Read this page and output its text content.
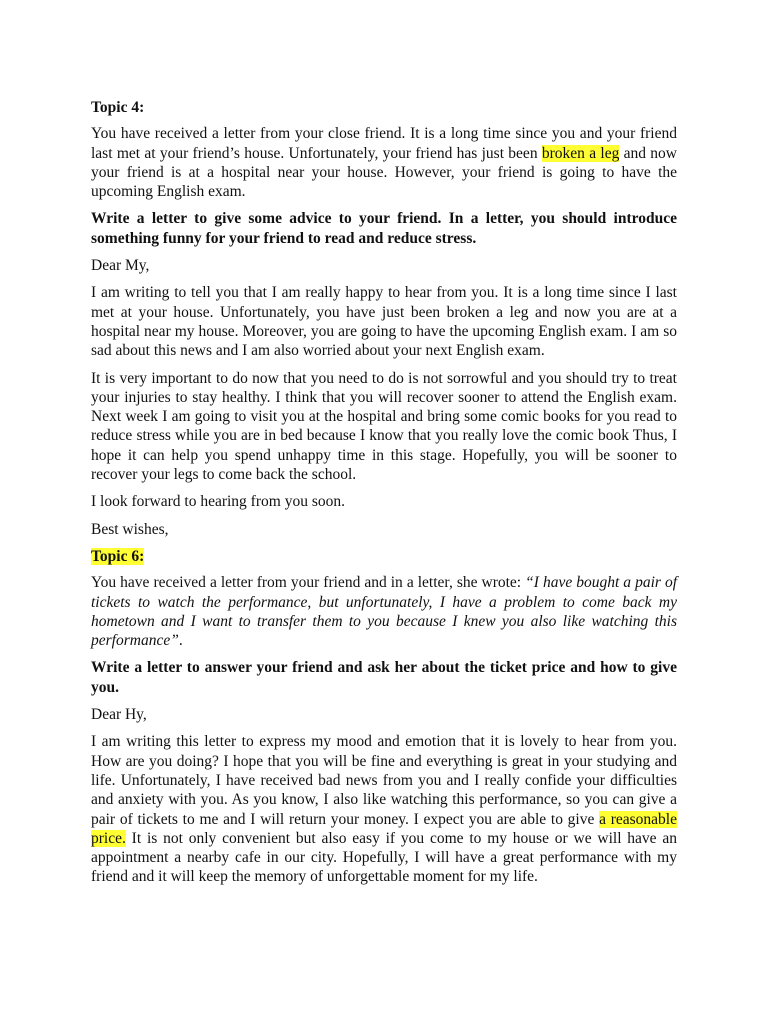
Topic 4:

You have received a letter from your close friend. It is a long time since you and your friend last met at your friend’s house. Unfortunately, your friend has just been broken a leg and now your friend is at a hospital near your house. However, your friend is going to have the upcoming English exam.

Write a letter to give some advice to your friend. In a letter, you should introduce something funny for your friend to read and reduce stress.

Dear My,

I am writing to tell you that I am really happy to hear from you. It is a long time since I last met at your house. Unfortunately, you have just been broken a leg and now you are at a hospital near my house. Moreover, you are going to have the upcoming English exam. I am so sad about this news and I am also worried about your next English exam.

It is very important to do now that you need to do is not sorrowful and you should try to treat your injuries to stay healthy. I think that you will recover sooner to attend the English exam. Next week I am going to visit you at the hospital and bring some comic books for you read to reduce stress while you are in bed because I know that you really love the comic book Thus, I hope it can help you spend unhappy time in this stage. Hopefully, you will be sooner to recover your legs to come back the school.

I look forward to hearing from you soon.

Best wishes,

Topic 6:

You have received a letter from your friend and in a letter, she wrote: “I have bought a pair of tickets to watch the performance, but unfortunately, I have a problem to come back my hometown and I want to transfer them to you because I knew you also like watching this performance”.

Write a letter to answer your friend and ask her about the ticket price and how to give you.

Dear Hy,

I am writing this letter to express my mood and emotion that it is lovely to hear from you. How are you doing? I hope that you will be fine and everything is great in your studying and life. Unfortunately, I have received bad news from you and I really confide your difficulties and anxiety with you. As you know, I also like watching this performance, so you can give a pair of tickets to me and I will return your money. I expect you are able to give a reasonable price. It is not only convenient but also easy if you come to my house or we will have an appointment a nearby cafe in our city. Hopefully, I will have a great performance with my friend and it will keep the memory of unforgettable moment for my life.
